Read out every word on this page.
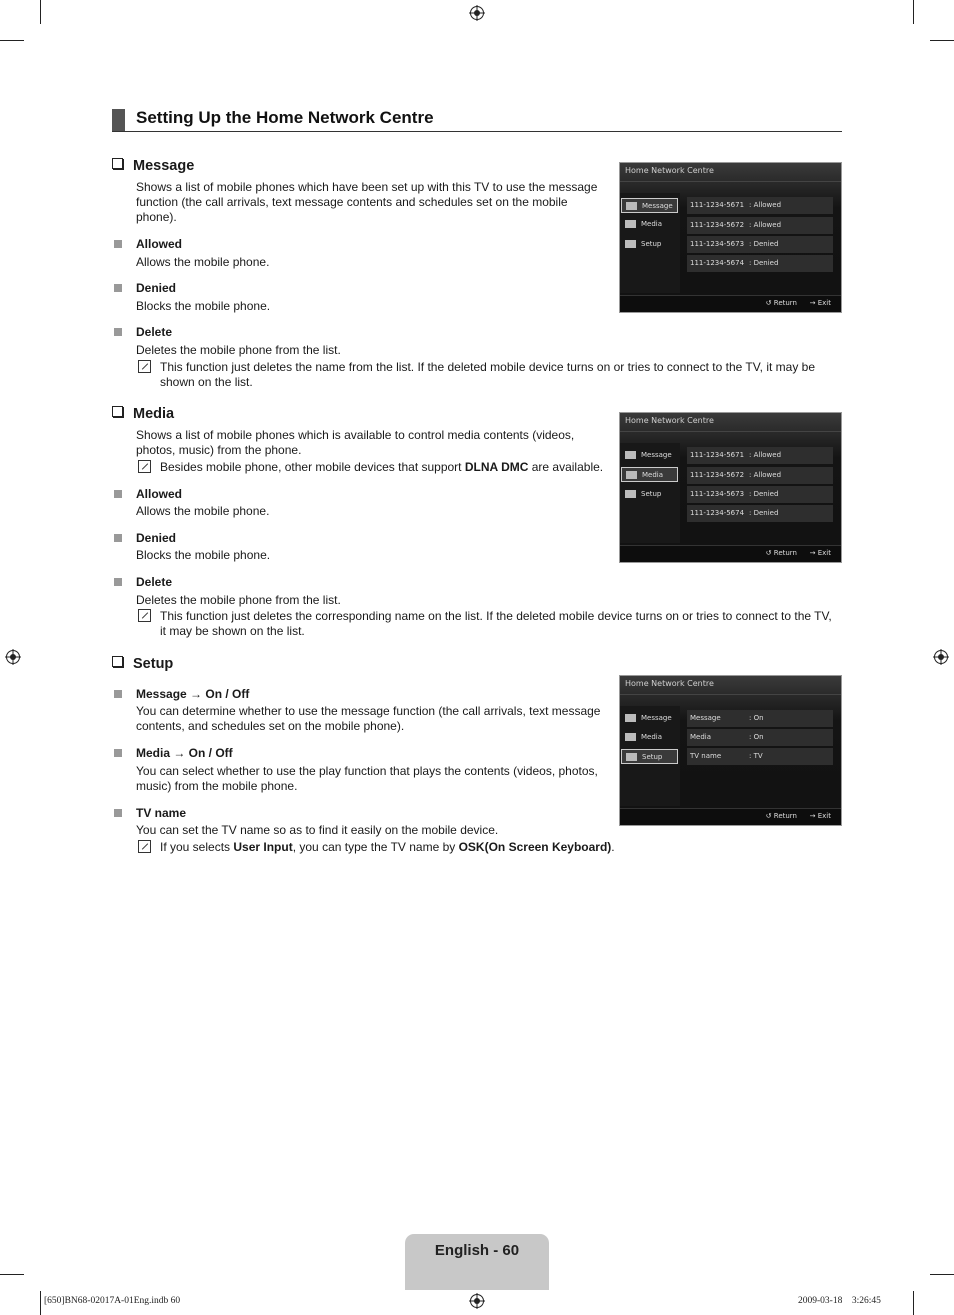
Setting Up the Home Network Centre
Message
Shows a list of mobile phones which have been set up with this TV to use the message function (the call arrivals, text message contents and schedules set on the mobile phone).
Allowed
Allows the mobile phone.
Denied
Blocks the mobile phone.
Delete
Deletes the mobile phone from the list.
This function just deletes the name from the list. If the deleted mobile device turns on or tries to connect to the TV, it may be shown on the list.
Home Network Centre
Message
Media
Setup
111-1234-5671 : Allowed
111-1234-5672 : Allowed
111-1234-5673 : Denied
111-1234-5674 : Denied
↺ Return → Exit
Media
Shows a list of mobile phones which is available to control media contents (videos, photos, music) from the phone.
Besides mobile phone, other mobile devices that support DLNA DMC are available.
Allowed
Allows the mobile phone.
Denied
Blocks the mobile phone.
Delete
Deletes the mobile phone from the list.
This function just deletes the corresponding name on the list. If the deleted mobile device turns on or tries to connect to the TV, it may be shown on the list.
Home Network Centre
Message
Media
Setup
111-1234-5671 : Allowed
111-1234-5672 : Allowed
111-1234-5673 : Denied
111-1234-5674 : Denied
↺ Return → Exit
Setup
Message → On / Off
You can determine whether to use the message function (the call arrivals, text message contents, and schedules set on the mobile phone).
Media → On / Off
You can select whether to use the play function that plays the contents (videos, photos, music) from the mobile phone.
TV name
You can set the TV name so as to find it easily on the mobile device.
If you selects User Input, you can type the TV name by OSK(On Screen Keyboard).
Home Network Centre
Message
Media
Setup
Message	: On
Media	: On
TV name	: TV
↺ Return → Exit
English - 60
[650]BN68-02017A-01Eng.indb 60	2009-03-18    3:26:45
